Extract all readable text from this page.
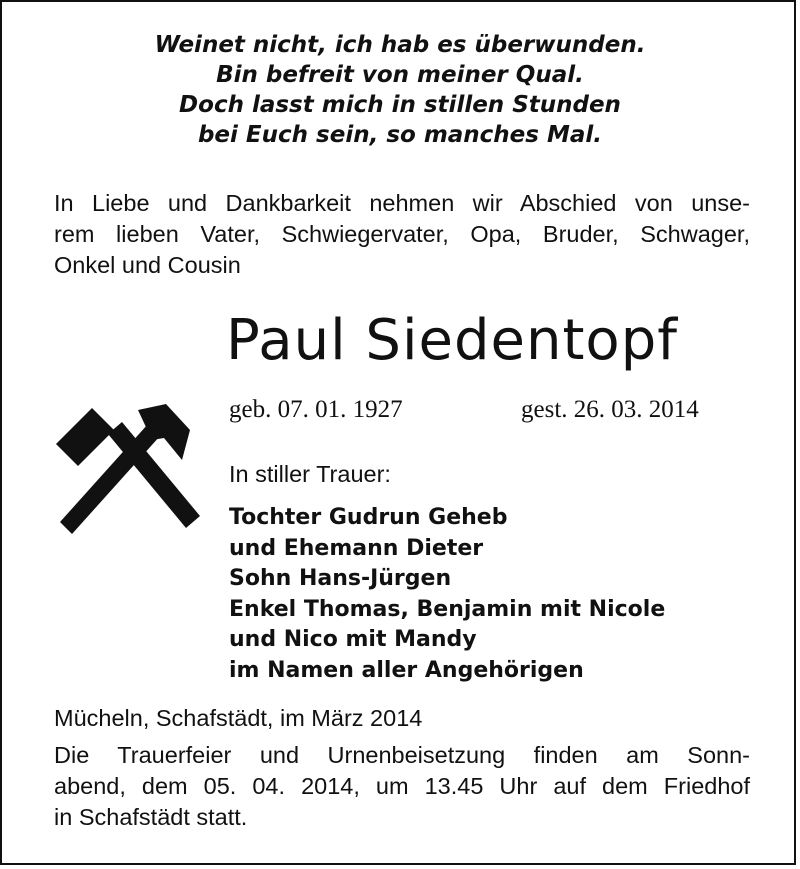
Weinet nicht, ich hab es überwunden.
Bin befreit von meiner Qual.
Doch lasst mich in stillen Stunden
bei Euch sein, so manches Mal.
In Liebe und Dankbarkeit nehmen wir Abschied von unse-
rem lieben Vater, Schwiegervater, Opa, Bruder, Schwager,
Onkel und Cousin
Paul Siedentopf
geb. 07. 01. 1927	gest. 26. 03. 2014
In stiller Trauer:
Tochter Gudrun Geheb
und Ehemann Dieter
Sohn Hans-Jürgen
Enkel Thomas, Benjamin mit Nicole
und Nico mit Mandy
im Namen aller Angehörigen
Mücheln, Schafstädt, im März 2014
Die Trauerfeier und Urnenbeisetzung finden am Sonn-
abend, dem 05. 04. 2014, um 13.45 Uhr auf dem Friedhof
in Schafstädt statt.
